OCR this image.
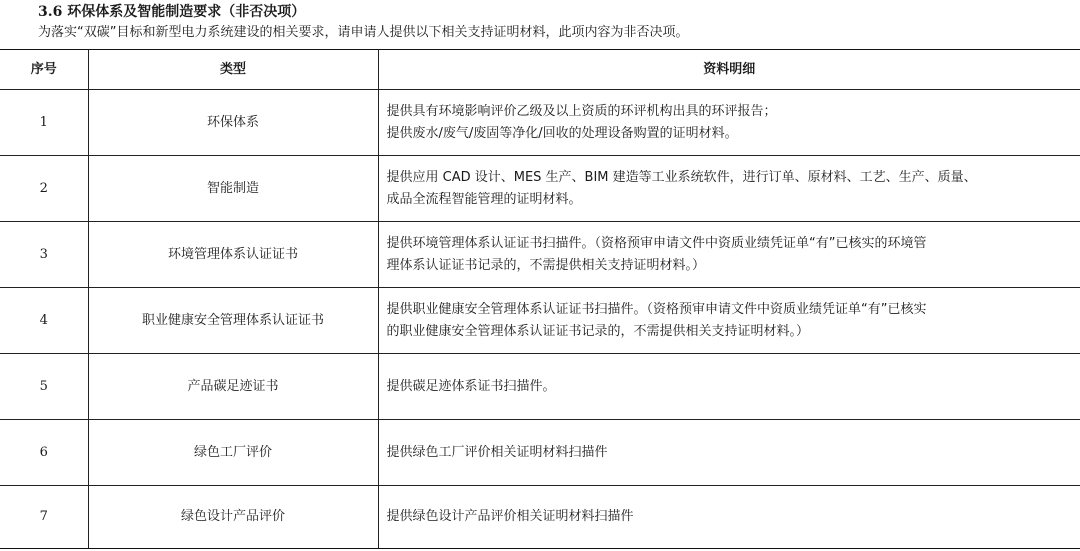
3.6 环保体系及智能制造要求（非否决项）
为落实“双碳”目标和新型电力系统建设的相关要求，请申请人提供以下相关支持证明材料，此项内容为非否决项。
序号	类型	资料明细
1	环保体系	提供具有环境影响评价乙级及以上资质的环评机构出具的环评报告；
提供废水/废气/废固等净化/回收的处理设备购置的证明材料。

2	智能制造	提供应用 CAD 设计、MES 生产、BIM 建造等工业系统软件，进行订单、原材料、工艺、生产、质量、
成品全流程智能管理的证明材料。

3	环境管理体系认证证书	提供环境管理体系认证证书扫描件。（资格预审申请文件中资质业绩凭证单“有”已核实的环境管
理体系认证证书记录的，不需提供相关支持证明材料。）

4	职业健康安全管理体系认证证书	提供职业健康安全管理体系认证证书扫描件。（资格预审申请文件中资质业绩凭证单“有”已核实
的职业健康安全管理体系认证证书记录的，不需提供相关支持证明材料。）

5	产品碳足迹证书	提供碳足迹体系证书扫描件。

6	绿色工厂评价	提供绿色工厂评价相关证明材料扫描件

7	绿色设计产品评价	提供绿色设计产品评价相关证明材料扫描件
